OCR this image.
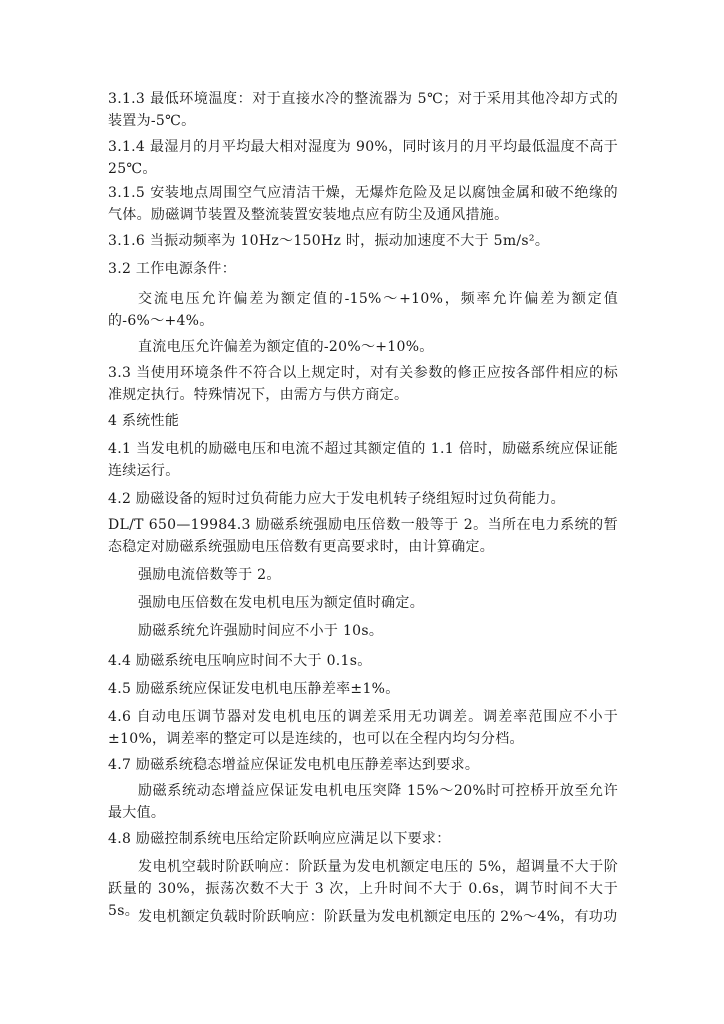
3.1.3 最低环境温度：对于直接水冷的整流器为 5℃；对于采用其他冷却方式的装置为-5℃。
3.1.4 最湿月的月平均最大相对湿度为 90%，同时该月的月平均最低温度不高于 25℃。
3.1.5 安装地点周围空气应清洁干燥，无爆炸危险及足以腐蚀金属和破不绝缘的气体。励磁调节装置及整流装置安装地点应有防尘及通风措施。
3.1.6 当振动频率为 10Hz～150Hz 时，振动加速度不大于 5m/s²。
3.2 工作电源条件：
交流电压允许偏差为额定值的-15%～+10%，频率允许偏差为额定值的-6%～+4%。
直流电压允许偏差为额定值的-20%～+10%。
3.3 当使用环境条件不符合以上规定时，对有关参数的修正应按各部件相应的标准规定执行。特殊情况下，由需方与供方商定。
4 系统性能
4.1 当发电机的励磁电压和电流不超过其额定值的 1.1 倍时，励磁系统应保证能连续运行。
4.2 励磁设备的短时过负荷能力应大于发电机转子绕组短时过负荷能力。
DL/T 650—19984.3 励磁系统强励电压倍数一般等于 2。当所在电力系统的暂态稳定对励磁系统强励电压倍数有更高要求时，由计算确定。
强励电流倍数等于 2。
强励电压倍数在发电机电压为额定值时确定。
励磁系统允许强励时间应不小于 10s。
4.4 励磁系统电压响应时间不大于 0.1s。
4.5 励磁系统应保证发电机电压静差率±1%。
4.6 自动电压调节器对发电机电压的调差采用无功调差。调差率范围应不小于±10%，调差率的整定可以是连续的，也可以在全程内均匀分档。
4.7 励磁系统稳态增益应保证发电机电压静差率达到要求。
励磁系统动态增益应保证发电机电压突降 15%～20%时可控桥开放至允许最大值。
4.8 励磁控制系统电压给定阶跃响应应满足以下要求：
发电机空载时阶跃响应：阶跃量为发电机额定电压的 5%，超调量不大于阶跃量的 30%，振荡次数不大于 3 次，上升时间不大于 0.6s，调节时间不大于 5s。 发电机额定负载时阶跃响应：阶跃量为发电机额定电压的 2%～4%，有功功
